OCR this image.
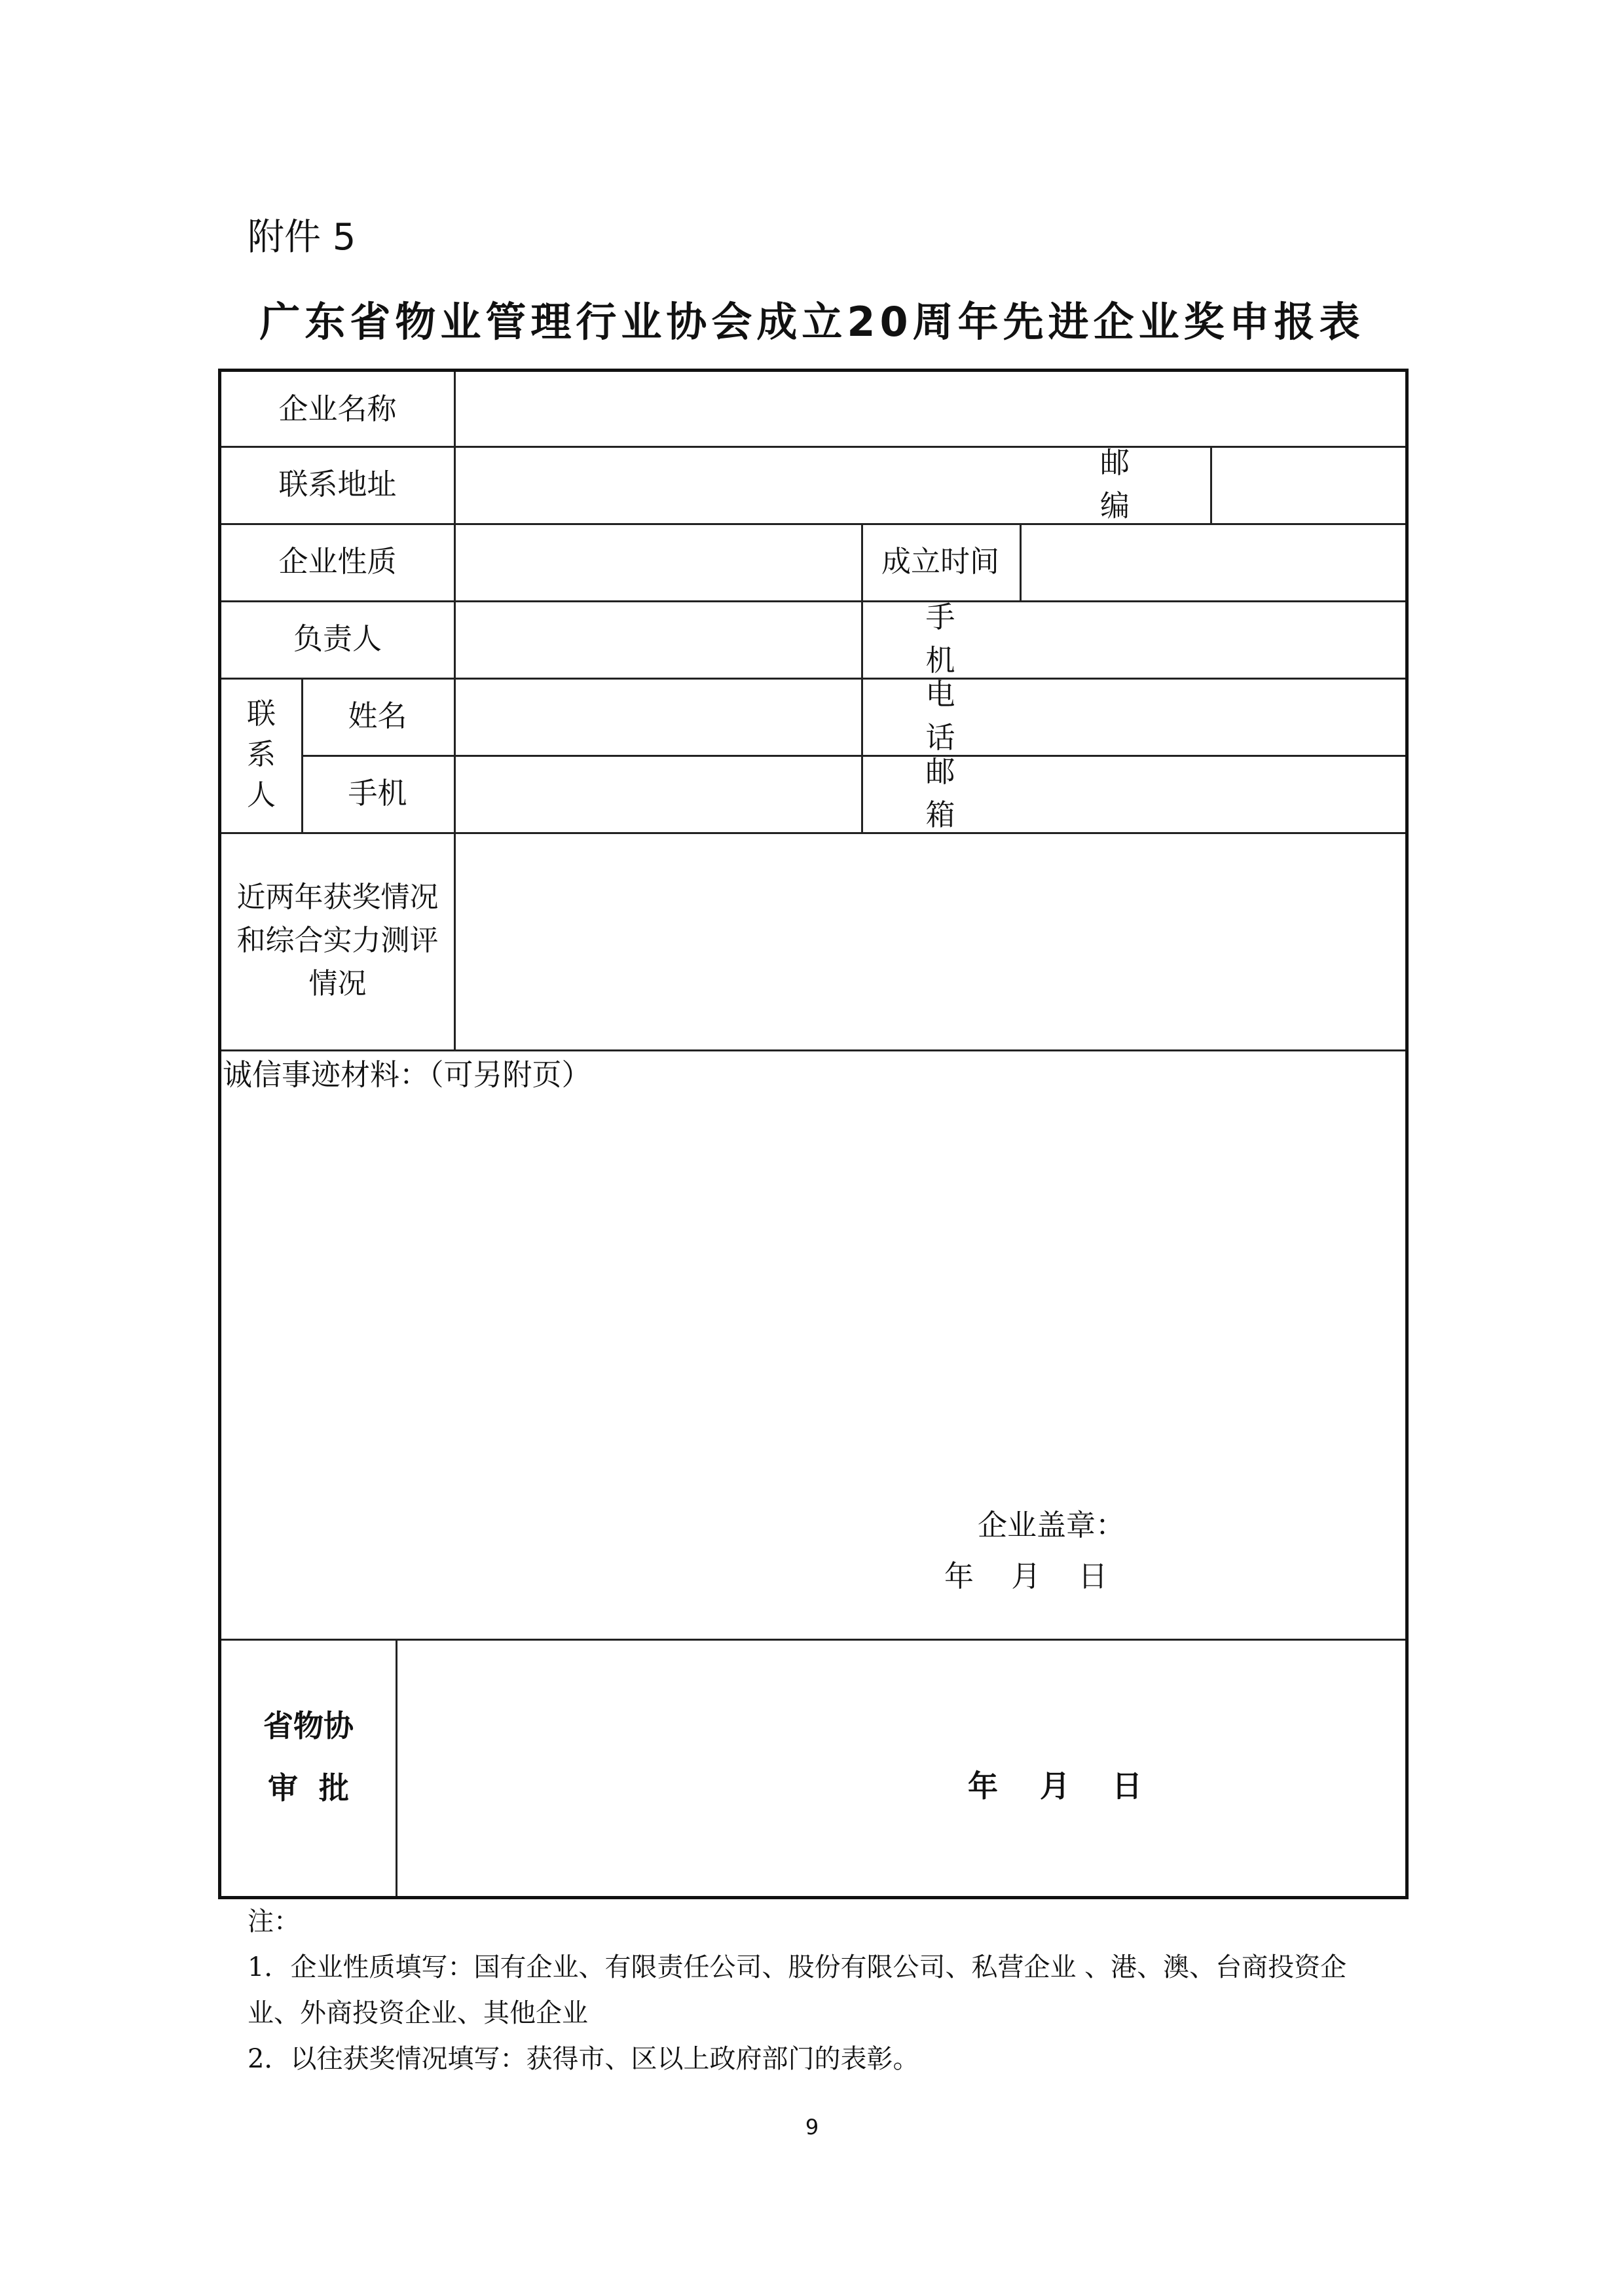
附件 5
广东省物业管理行业协会成立20周年先进企业奖申报表
企业名称
联系地址
邮 编
企业性质	成立时间
负责人
手 机
联系人
姓名
电 话
手机
邮 箱
近两年获奖情况和综合实力测评情况
诚信事迹材料：（可另附页）
企业盖章：
年    月    日
省物协
审  批	年    月    日
注：
1．企业性质填写：国有企业、有限责任公司、股份有限公司、私营企业 、港、澳、台商投资企业、外商投资企业、其他企业
2．以往获奖情况填写：获得市、区以上政府部门的表彰。
9
